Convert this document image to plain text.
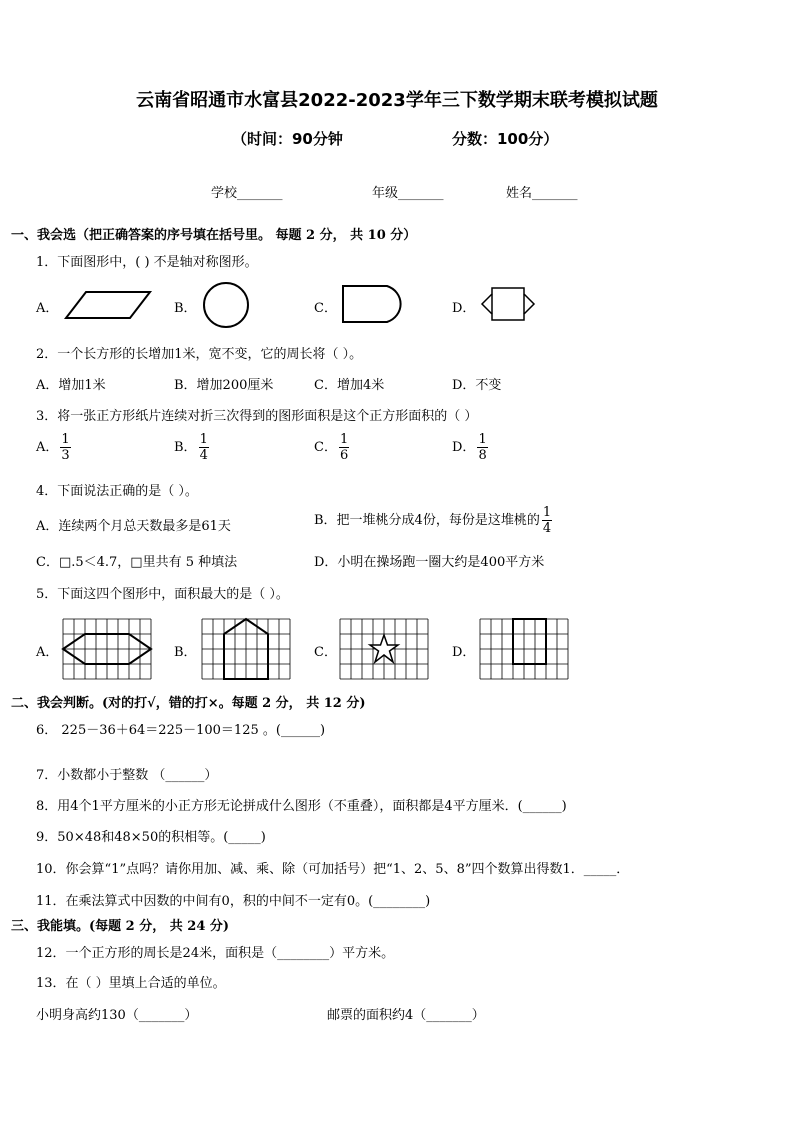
云南省昭通市水富县2022-2023学年三下数学期末联考模拟试题
（时间：90分钟	分数：100分）
学校_______	年级_______	姓名_______
一、我会选（把正确答案的序号填在括号里。 每题 2 分， 共 10 分）
1．下面图形中，( ) 不是轴对称图形。
A．	B．	C．	D．
2．一个长方形的长增加1米，宽不变，它的周长将（ ）。
A．增加1米	B．增加200厘米	C．增加4米	D．不变
3．将一张正方形纸片连续对折三次得到的图形面积是这个正方形面积的（ ）
A． $\frac{1}{3}$	B． $\frac{1}{4}$	C． $\frac{1}{6}$	D． $\frac{1}{8}$
4．下面说法正确的是（ ）。
A．连续两个月总天数最多是61天	B．把一堆桃分成4份，每份是这堆桃的 $\frac{1}{4}$
C．□.5＜4.7，□里共有 5 种填法	D．小明在操场跑一圈大约是400平方米
5．下面这四个图形中，面积最大的是（ ）。
A．	B．	C．	D．
二、我会判断。(对的打√，错的打×。每题 2 分， 共 12 分)
6． 225－36＋64＝225－100＝125 。(______)
7．小数都小于整数 （______）
8．用4个1平方厘米的小正方形无论拼成什么图形（不重叠），面积都是4平方厘米．(______)
9．50×48和48×50的积相等。(_____)
10．你会算“1”点吗？请你用加、减、乘、除（可加括号）把“1、2、5、8”四个数算出得数1．_____．
11．在乘法算式中因数的中间有0，积的中间不一定有0。(________)
三、我能填。(每题 2 分， 共 24 分)
12．一个正方形的周长是24米，面积是（________）平方米。
13．在（ ）里填上合适的单位。
小明身高约130（_______）	邮票的面积约4（_______）
